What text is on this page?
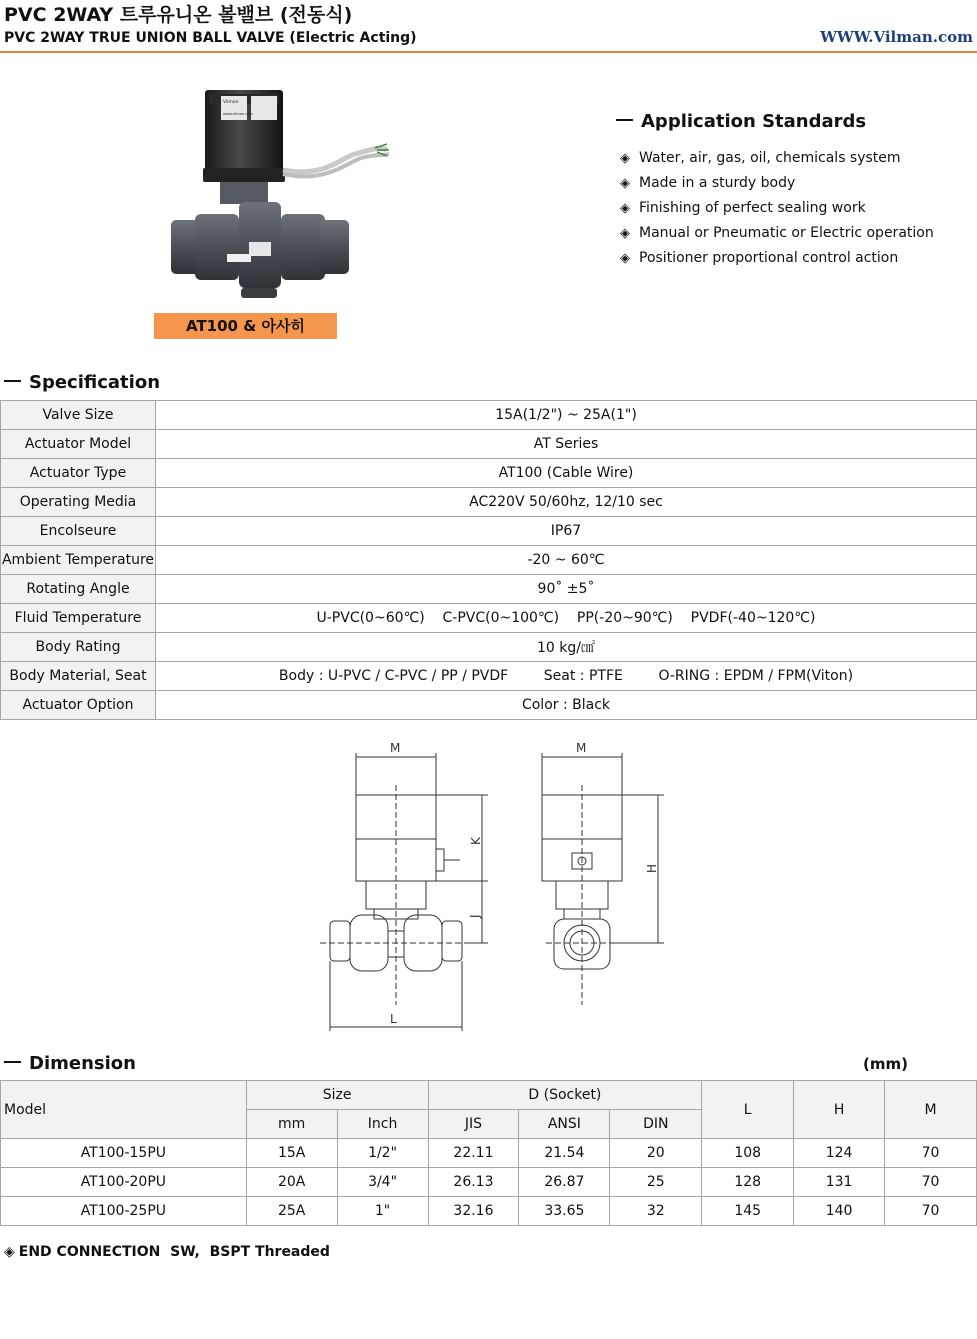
PVC 2WAY 트루유니온 볼밸브 (전동식)
PVC 2WAY TRUE UNION BALL VALVE (Electric Acting)	WWW.Vilman.com
Vilman
www.vilman.com
AT100 & 아사히
Application Standards
◈ Water, air, gas, oil, chemicals system
◈ Made in a sturdy body
◈ Finishing of perfect sealing work
◈ Manual or Pneumatic or Electric operation
◈ Positioner proportional control action
Specification
Valve Size	15A(1/2") ~ 25A(1")
Actuator Model	AT Series
Actuator Type	AT100 (Cable Wire)
Operating Media	AC220V 50/60hz, 12/10 sec
Encolseure	IP67
Ambient Temperature	-20 ~ 60℃
Rotating Angle	90˚ ±5˚
Fluid Temperature	U-PVC(0~60℃)    C-PVC(0~100℃)    PP(-20~90℃)    PVDF(-40~120℃)
Body Rating	10 kg/㎠
Body Material, Seat	Body : U-PVC / C-PVC / PP / PVDF        Seat : PTFE        O-RING : EPDM / FPM(Viton)
Actuator Option	Color : Black
M
K
J
L
M
H
Dimension	(mm)
Model	Size		D (Socket)			L	H	M
	mm	Inch	JIS	ANSI	DIN			
AT100-15PU	15A	1/2"	22.11	21.54	20	108	124	70
AT100-20PU	20A	3/4"	26.13	26.87	25	128	131	70
AT100-25PU	25A	1"	32.16	33.65	32	145	140	70
◈ END CONNECTION  SW,  BSPT Threaded
